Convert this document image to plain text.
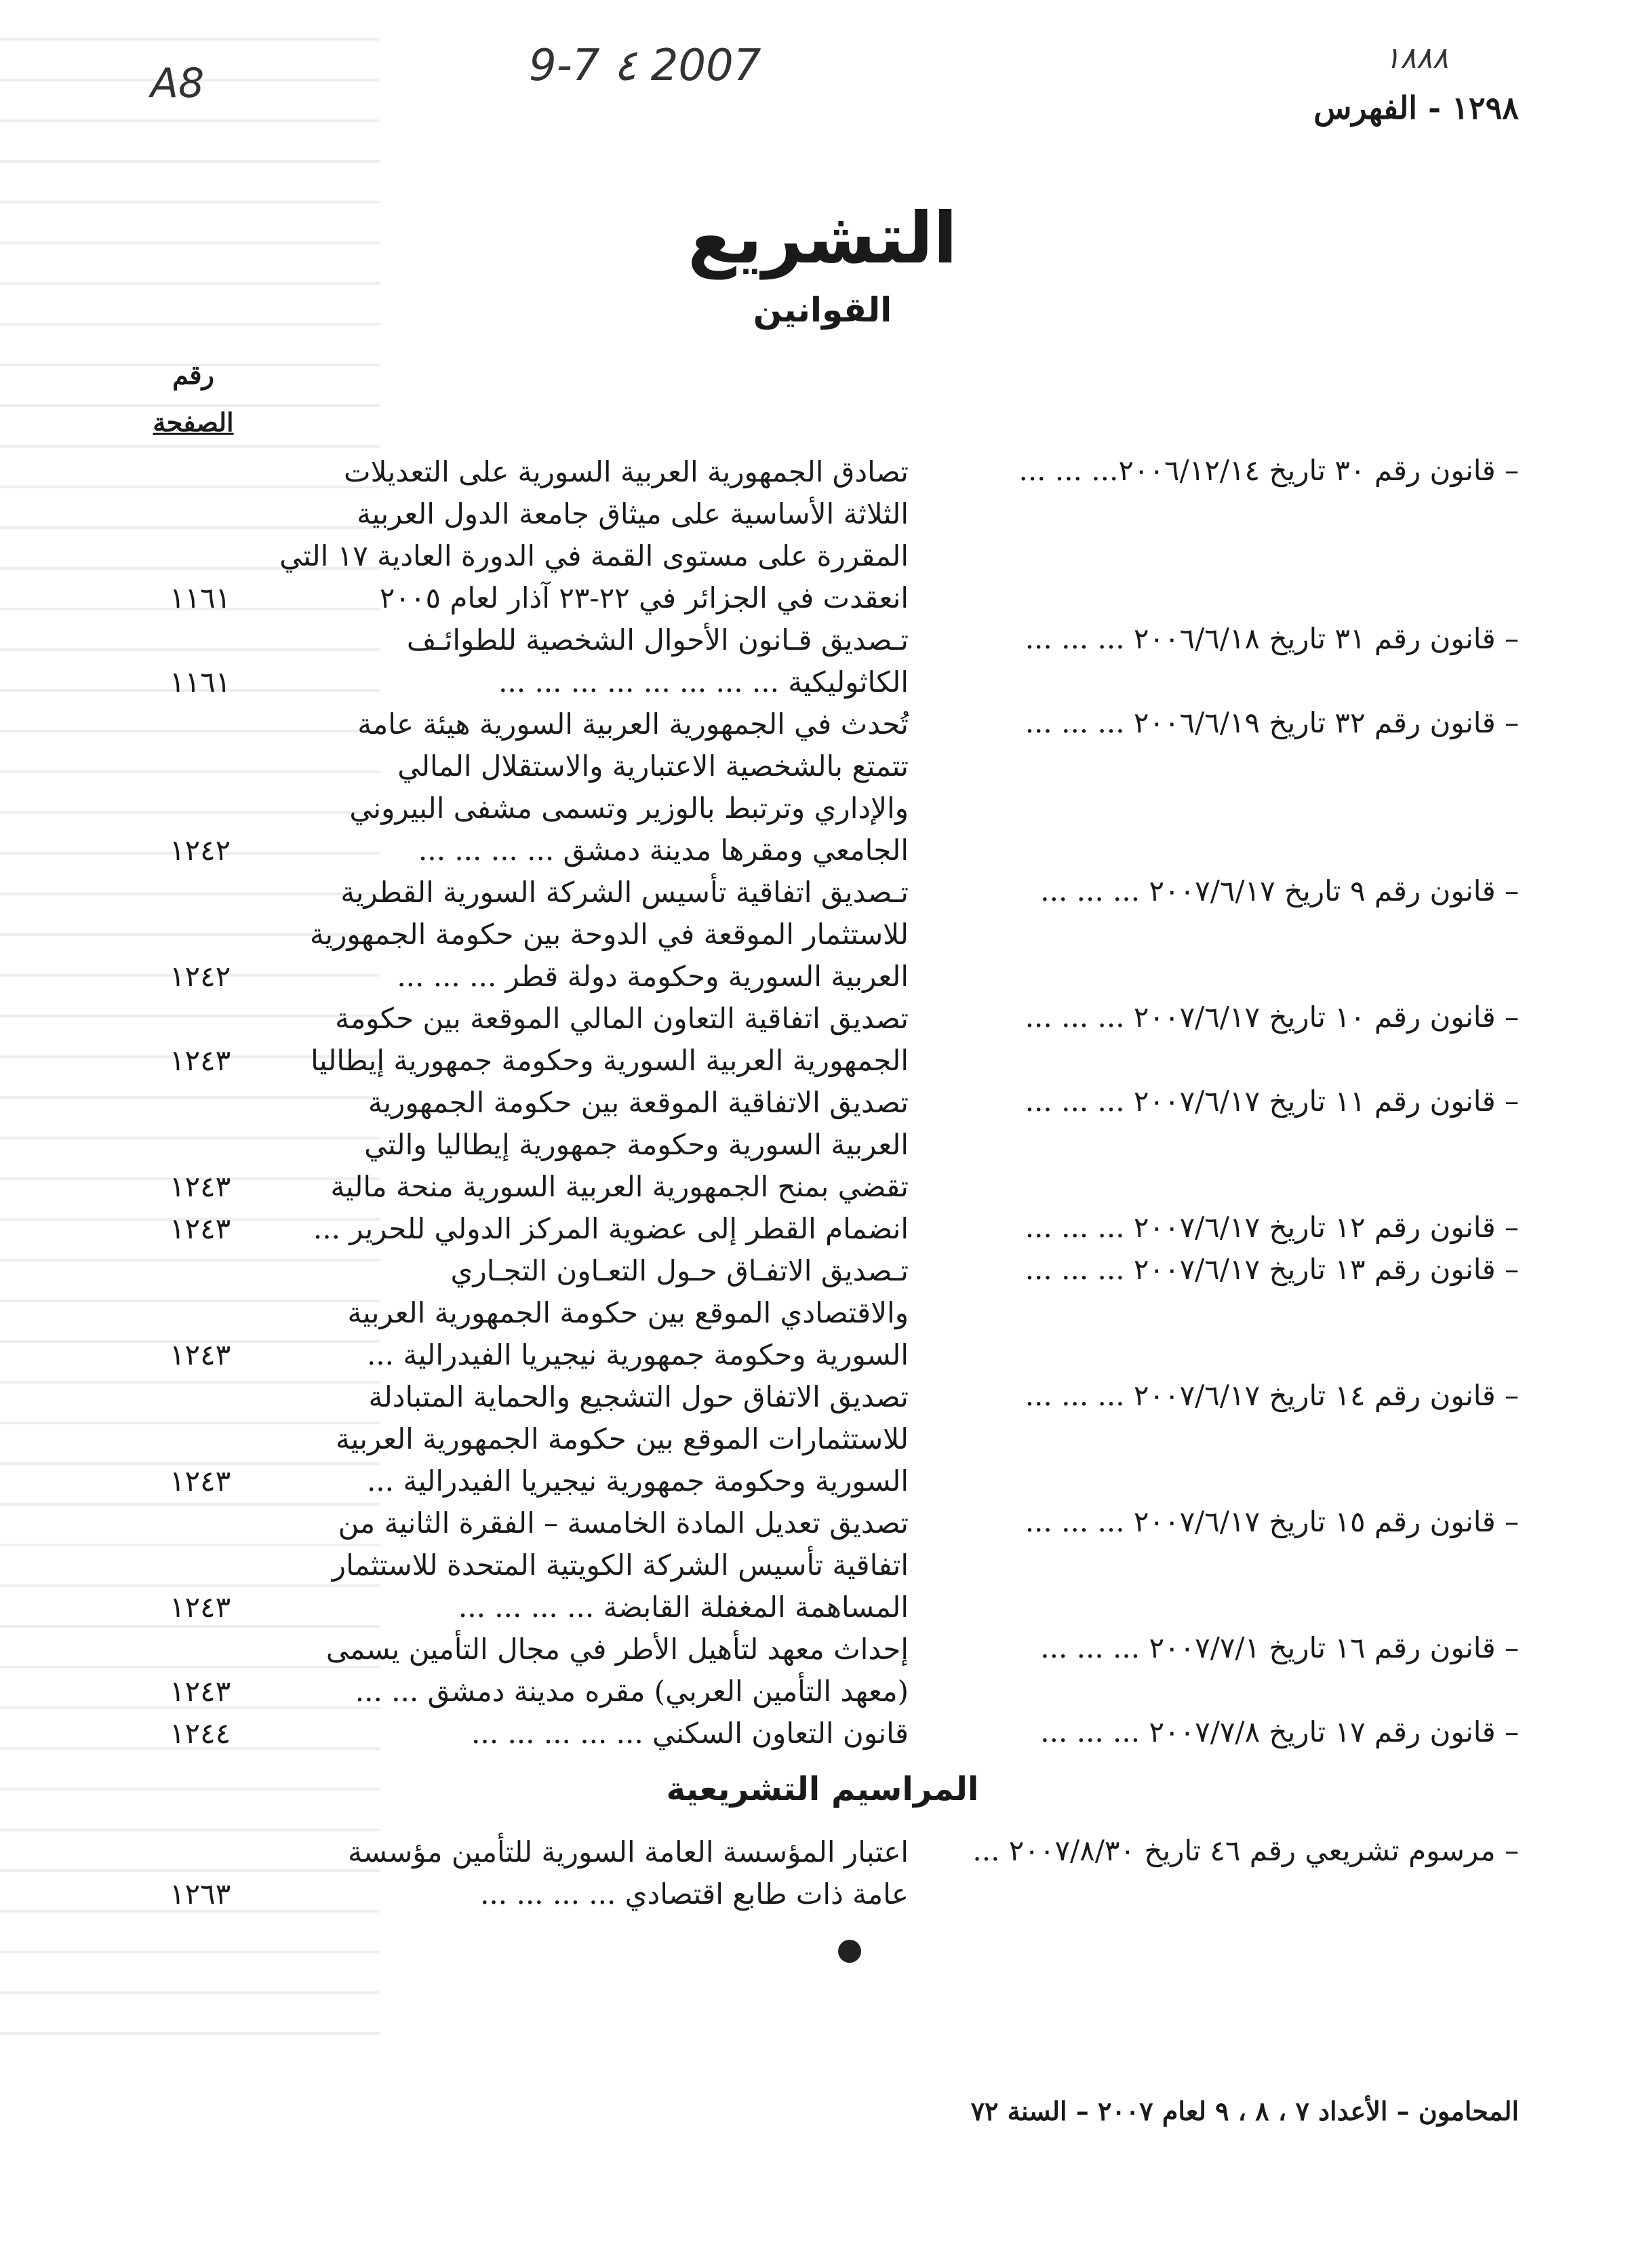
A8	9-7 ٤ 2007	١٨٨٨
١٢٩٨ - الفهرس
التشريع
القوانين
رقم
الصفحة
– قانون رقم ٣٠ تاريخ ٢٠٠٦/١٢/١٤... ... ...
تصادق الجمهورية العربية السورية على التعديلات
الثلاثة الأساسية على ميثاق جامعة الدول العربية
المقررة على مستوى القمة في الدورة العادية ١٧ التي
انعقدت في الجزائر في ٢٢-٢٣ آذار لعام ٢٠٠٥
١١٦١
– قانون رقم ٣١ تاريخ ٢٠٠٦/٦/١٨ ... ... ...
تـصديق قـانون الأحوال الشخصية للطوائـف
الكاثوليكية ... ... ... ... ... ... ... ...
١١٦١
– قانون رقم ٣٢ تاريخ ٢٠٠٦/٦/١٩ ... ... ...
تُحدث في الجمهورية العربية السورية هيئة عامة
تتمتع بالشخصية الاعتبارية والاستقلال المالي
والإداري وترتبط بالوزير وتسمى مشفى البيروني
الجامعي ومقرها مدينة دمشق ... ... ... ...
١٢٤٢
– قانون رقم ٩ تاريخ ٢٠٠٧/٦/١٧ ... ... ...
تـصديق اتفاقية تأسيس الشركة السورية القطرية
للاستثمار الموقعة في الدوحة بين حكومة الجمهورية
العربية السورية وحكومة دولة قطر ... ... ...
١٢٤٢
– قانون رقم ١٠ تاريخ ٢٠٠٧/٦/١٧ ... ... ...
تصديق اتفاقية التعاون المالي الموقعة بين حكومة
الجمهورية العربية السورية وحكومة جمهورية إيطاليا
١٢٤٣
– قانون رقم ١١ تاريخ ٢٠٠٧/٦/١٧ ... ... ...
تصديق الاتفاقية الموقعة بين حكومة الجمهورية
العربية السورية وحكومة جمهورية إيطاليا والتي
تقضي بمنح الجمهورية العربية السورية منحة مالية
١٢٤٣
– قانون رقم ١٢ تاريخ ٢٠٠٧/٦/١٧ ... ... ...
انضمام القطر إلى عضوية المركز الدولي للحرير ...
١٢٤٣
– قانون رقم ١٣ تاريخ ٢٠٠٧/٦/١٧ ... ... ...
تـصديق الاتفـاق حـول التعـاون التجـاري
والاقتصادي الموقع بين حكومة الجمهورية العربية
السورية وحكومة جمهورية نيجيريا الفيدرالية ...
١٢٤٣
– قانون رقم ١٤ تاريخ ٢٠٠٧/٦/١٧ ... ... ...
تصديق الاتفاق حول التشجيع والحماية المتبادلة
للاستثمارات الموقع بين حكومة الجمهورية العربية
السورية وحكومة جمهورية نيجيريا الفيدرالية ...
١٢٤٣
– قانون رقم ١٥ تاريخ ٢٠٠٧/٦/١٧ ... ... ...
تصديق تعديل المادة الخامسة – الفقرة الثانية من
اتفاقية تأسيس الشركة الكويتية المتحدة للاستثمار
المساهمة المغفلة القابضة ... ... ... ...
١٢٤٣
– قانون رقم ١٦ تاريخ ٢٠٠٧/٧/١ ... ... ...
إحداث معهد لتأهيل الأطر في مجال التأمين يسمى
(معهد التأمين العربي) مقره مدينة دمشق ... ...
١٢٤٣
– قانون رقم ١٧ تاريخ ٢٠٠٧/٧/٨ ... ... ...
قانون التعاون السكني ... ... ... ... ...
١٢٤٤
المراسيم التشريعية
– مرسوم تشريعي رقم ٤٦ تاريخ ٢٠٠٧/٨/٣٠ ...
اعتبار المؤسسة العامة السورية للتأمين مؤسسة
عامة ذات طابع اقتصادي ... ... ... ...
١٢٦٣
المحامون – الأعداد ٧ ، ٨ ، ٩ لعام ٢٠٠٧ – السنة ٧٢
